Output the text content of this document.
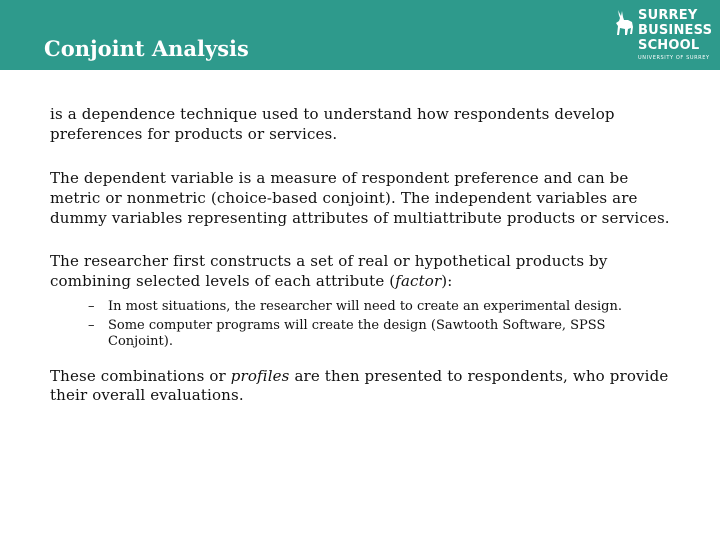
Conjoint Analysis
SURREY
BUSINESS
SCHOOL
UNIVERSITY OF SURREY

is a dependence technique used to understand how respondents develop preferences for products or services.

The dependent variable is a measure of respondent preference and can be metric or nonmetric (choice-based conjoint). The independent variables are dummy variables representing attributes of multiattribute products or services.

The researcher first constructs a set of real or hypothetical products by combining selected levels of each attribute (factor):

– In most situations, the researcher will need to create an experimental design.
– Some computer programs will create the design (Sawtooth Software, SPSS Conjoint).

These combinations or profiles are then presented to respondents, who provide their overall evaluations.
